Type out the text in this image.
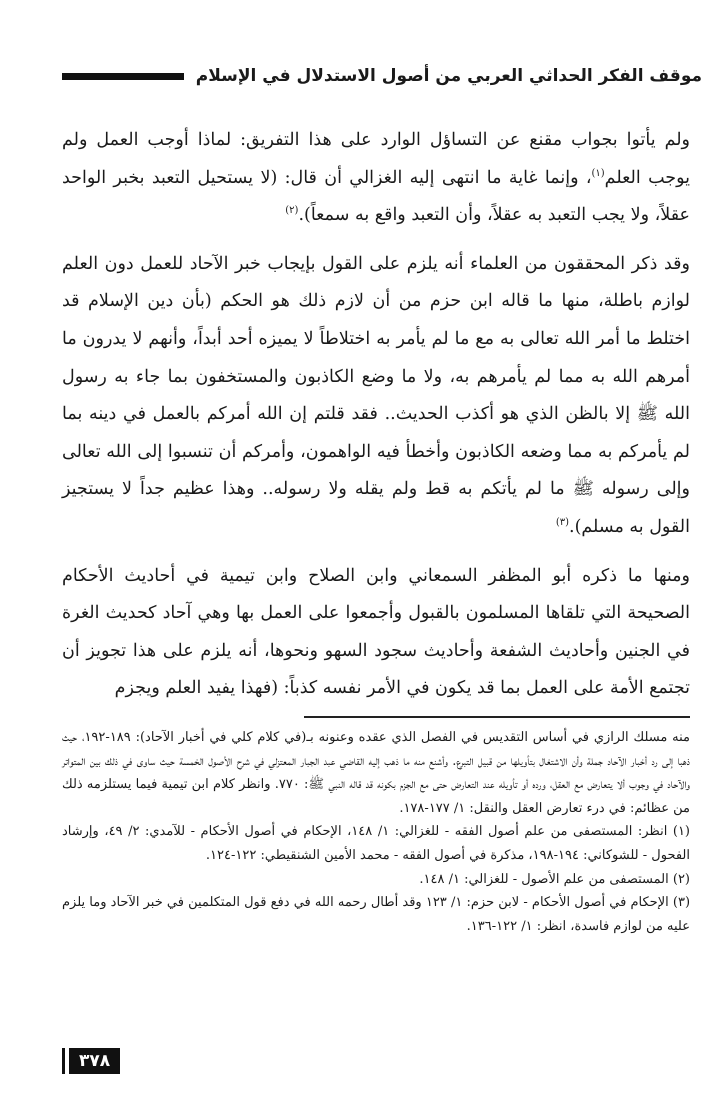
موقف الفكر الحداثي العربي من أصول الاستدلال في الإسلام

ولم يأتوا بجواب مقنع عن التساؤل الوارد على هذا التفريق: لماذا أوجب العمل ولم يوجب العلم$^{(١)}$، وإنما غاية ما انتهى إليه الغزالي أن قال: (لا يستحيل التعبد بخبر الواحد عقلاً، ولا يجب التعبد به عقلاً، وأن التعبد واقع به سمعاً).$^{(٢)}$

وقد ذكر المحققون من العلماء أنه يلزم على القول بإيجاب خبر الآحاد للعمل دون العلم لوازم باطلة، منها ما قاله ابن حزم من أن لازم ذلك هو الحكم (بأن دين الإسلام قد اختلط ما أمر الله تعالى به مع ما لم يأمر به اختلاطاً لا يميزه أحد أبداً، وأنهم لا يدرون ما أمرهم الله به مما لم يأمرهم به، ولا ما وضع الكاذبون والمستخفون بما جاء به رسول الله ﷺ إلا بالظن الذي هو أكذب الحديث.. فقد قلتم إن الله أمركم بالعمل في دينه بما لم يأمركم به مما وضعه الكاذبون وأخطأ فيه الواهمون، وأمركم أن تنسبوا إلى الله تعالى وإلى رسوله ﷺ ما لم يأتكم به قط ولم يقله ولا رسوله.. وهذا عظيم جداً لا يستجيز القول به مسلم).$^{(٣)}$

ومنها ما ذكره أبو المظفر السمعاني وابن الصلاح وابن تيمية في أحاديث الأحكام الصحيحة التي تلقاها المسلمون بالقبول وأجمعوا على العمل بها وهي آحاد كحديث الغرة في الجنين وأحاديث الشفعة وأحاديث سجود السهو ونحوها، أنه يلزم على هذا تجويز أن تجتمع الأمة على العمل بما قد يكون في الأمر نفسه كذباً: (فهذا يفيد العلم ويجزم

منه مسلك الرازي في أساس التقديس في الفصل الذي عقده وعنونه بـ(في كلام كلي في أخبار الآحاد): ١٨٩-١٩٢، حيث ذهبا إلى رد أخبار الآحاد جملة وأن الاشتغال بتأويلها من قبيل التبرع. وأشنع منه ما ذهب إليه القاضي عبد الجبار المعتزلي في شرح الأصول الخمسة حيث ساوى في ذلك بين المتواتر والآحاد في وجوب ألا يتعارض مع العقل، ورده أو تأويله عند التعارض حتى مع الجزم بكونه قد قاله النبي ﷺ: ٧٧٠. وانظر كلام ابن تيمية فيما يستلزمه ذلك من عظائم: في درء تعارض العقل والنقل: ١/ ١٧٧-١٧٨.

(١) انظر: المستصفى من علم أصول الفقه - للغزالي: ١/ ١٤٨، الإحكام في أصول الأحكام - للآمدي: ٢/ ٤٩، وإرشاد الفحول - للشوكاني: ١٩٤-١٩٨، مذكرة في أصول الفقه - محمد الأمين الشنقيطي: ١٢٢-١٢٤.

(٢) المستصفى من علم الأصول - للغزالي: ١/ ١٤٨.

(٣) الإحكام في أصول الأحكام - لابن حزم: ١/ ١٢٣ وقد أطال رحمه الله في دفع قول المتكلمين في خبر الآحاد وما يلزم عليه من لوازم فاسدة، انظر: ١/ ١٢٢-١٣٦.

٣٧٨
